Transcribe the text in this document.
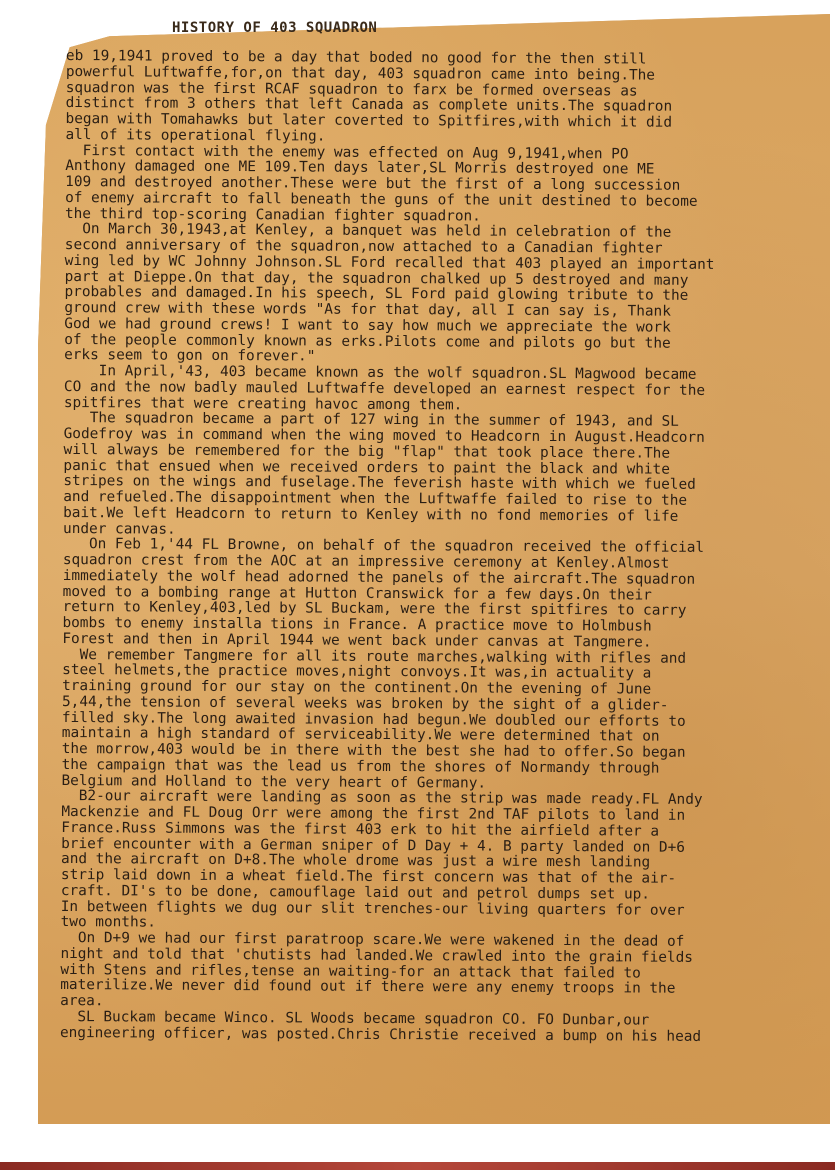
HISTORY OF 403 SQUADRON
eb 19,1941 proved to be a day that boded no good for the then still
powerful Luftwaffe,for,on that day, 403 squadron came into being.The
squadron was the first RCAF squadron to farx be formed overseas as
distinct from 3 others that left Canada as complete units.The squadron
began with Tomahawks but later coverted to Spitfires,with which it did
all of its operational flying.
First contact with the enemy was effected on Aug 9,1941,when PO
Anthony damaged one ME 109.Ten days later,SL Morris destroyed one ME
109 and destroyed another.These were but the first of a long succession
of enemy aircraft to fall beneath the guns of the unit destined to become
the third top-scoring Canadian fighter squadron.
On March 30,1943,at Kenley, a banquet was held in celebration of the
second anniversary of the squadron,now attached to a Canadian fighter
wing led by WC Johnny Johnson.SL Ford recalled that 403 played an important
part at Dieppe.On that day, the squadron chalked up 5 destroyed and many
probables and damaged.In his speech, SL Ford paid glowing tribute to the
ground crew with these words "As for that day, all I can say is, Thank
God we had ground crews! I want to say how much we appreciate the work
of the people commonly known as erks.Pilots come and pilots go but the
erks seem to gon on forever."
In April,'43, 403 became known as the wolf squadron.SL Magwood became
CO and the now badly mauled Luftwaffe developed an earnest respect for the
spitfires that were creating havoc among them.
The squadron became a part of 127 wing in the summer of 1943, and SL
Godefroy was in command when the wing moved to Headcorn in August.Headcorn
will always be remembered for the big "flap" that took place there.The
panic that ensued when we received orders to paint the black and white
stripes on the wings and fuselage.The feverish haste with which we fueled
and refueled.The disappointment when the Luftwaffe failed to rise to the
bait.We left Headcorn to return to Kenley with no fond memories of life
under canvas.
On Feb 1,'44 FL Browne, on behalf of the squadron received the official
squadron crest from the AOC at an impressive ceremony at Kenley.Almost
immediately the wolf head adorned the panels of the aircraft.The squadron
moved to a bombing range at Hutton Cranswick for a few days.On their
return to Kenley,403,led by SL Buckam, were the first spitfires to carry
bombs to enemy installa tions in France. A practice move to Holmbush
Forest and then in April 1944 we went back under canvas at Tangmere.
We remember Tangmere for all its route marches,walking with rifles and
steel helmets,the practice moves,night convoys.It was,in actuality a
training ground for our stay on the continent.On the evening of June
5,44,the tension of several weeks was broken by the sight of a glider-
filled sky.The long awaited invasion had begun.We doubled our efforts to
maintain a high standard of serviceability.We were determined that on
the morrow,403 would be in there with the best she had to offer.So began
the campaign that was the lead us from the shores of Normandy through
Belgium and Holland to the very heart of Germany.
B2-our aircraft were landing as soon as the strip was made ready.FL Andy
Mackenzie and FL Doug Orr were among the first 2nd TAF pilots to land in
France.Russ Simmons was the first 403 erk to hit the airfield after a
brief encounter with a German sniper of D Day + 4. B party landed on D+6
and the aircraft on D+8.The whole drome was just a wire mesh landing
strip laid down in a wheat field.The first concern was that of the air-
craft. DI's to be done, camouflage laid out and petrol dumps set up.
In between flights we dug our slit trenches-our living quarters for over
two months.
On D+9 we had our first paratroop scare.We were wakened in the dead of
night and told that 'chutists had landed.We crawled into the grain fields
with Stens and rifles,tense an waiting-for an attack that failed to
materilize.We never did found out if there were any enemy troops in the
area.
SL Buckam became Winco. SL Woods became squadron CO. FO Dunbar,our
engineering officer, was posted.Chris Christie received a bump on his head
